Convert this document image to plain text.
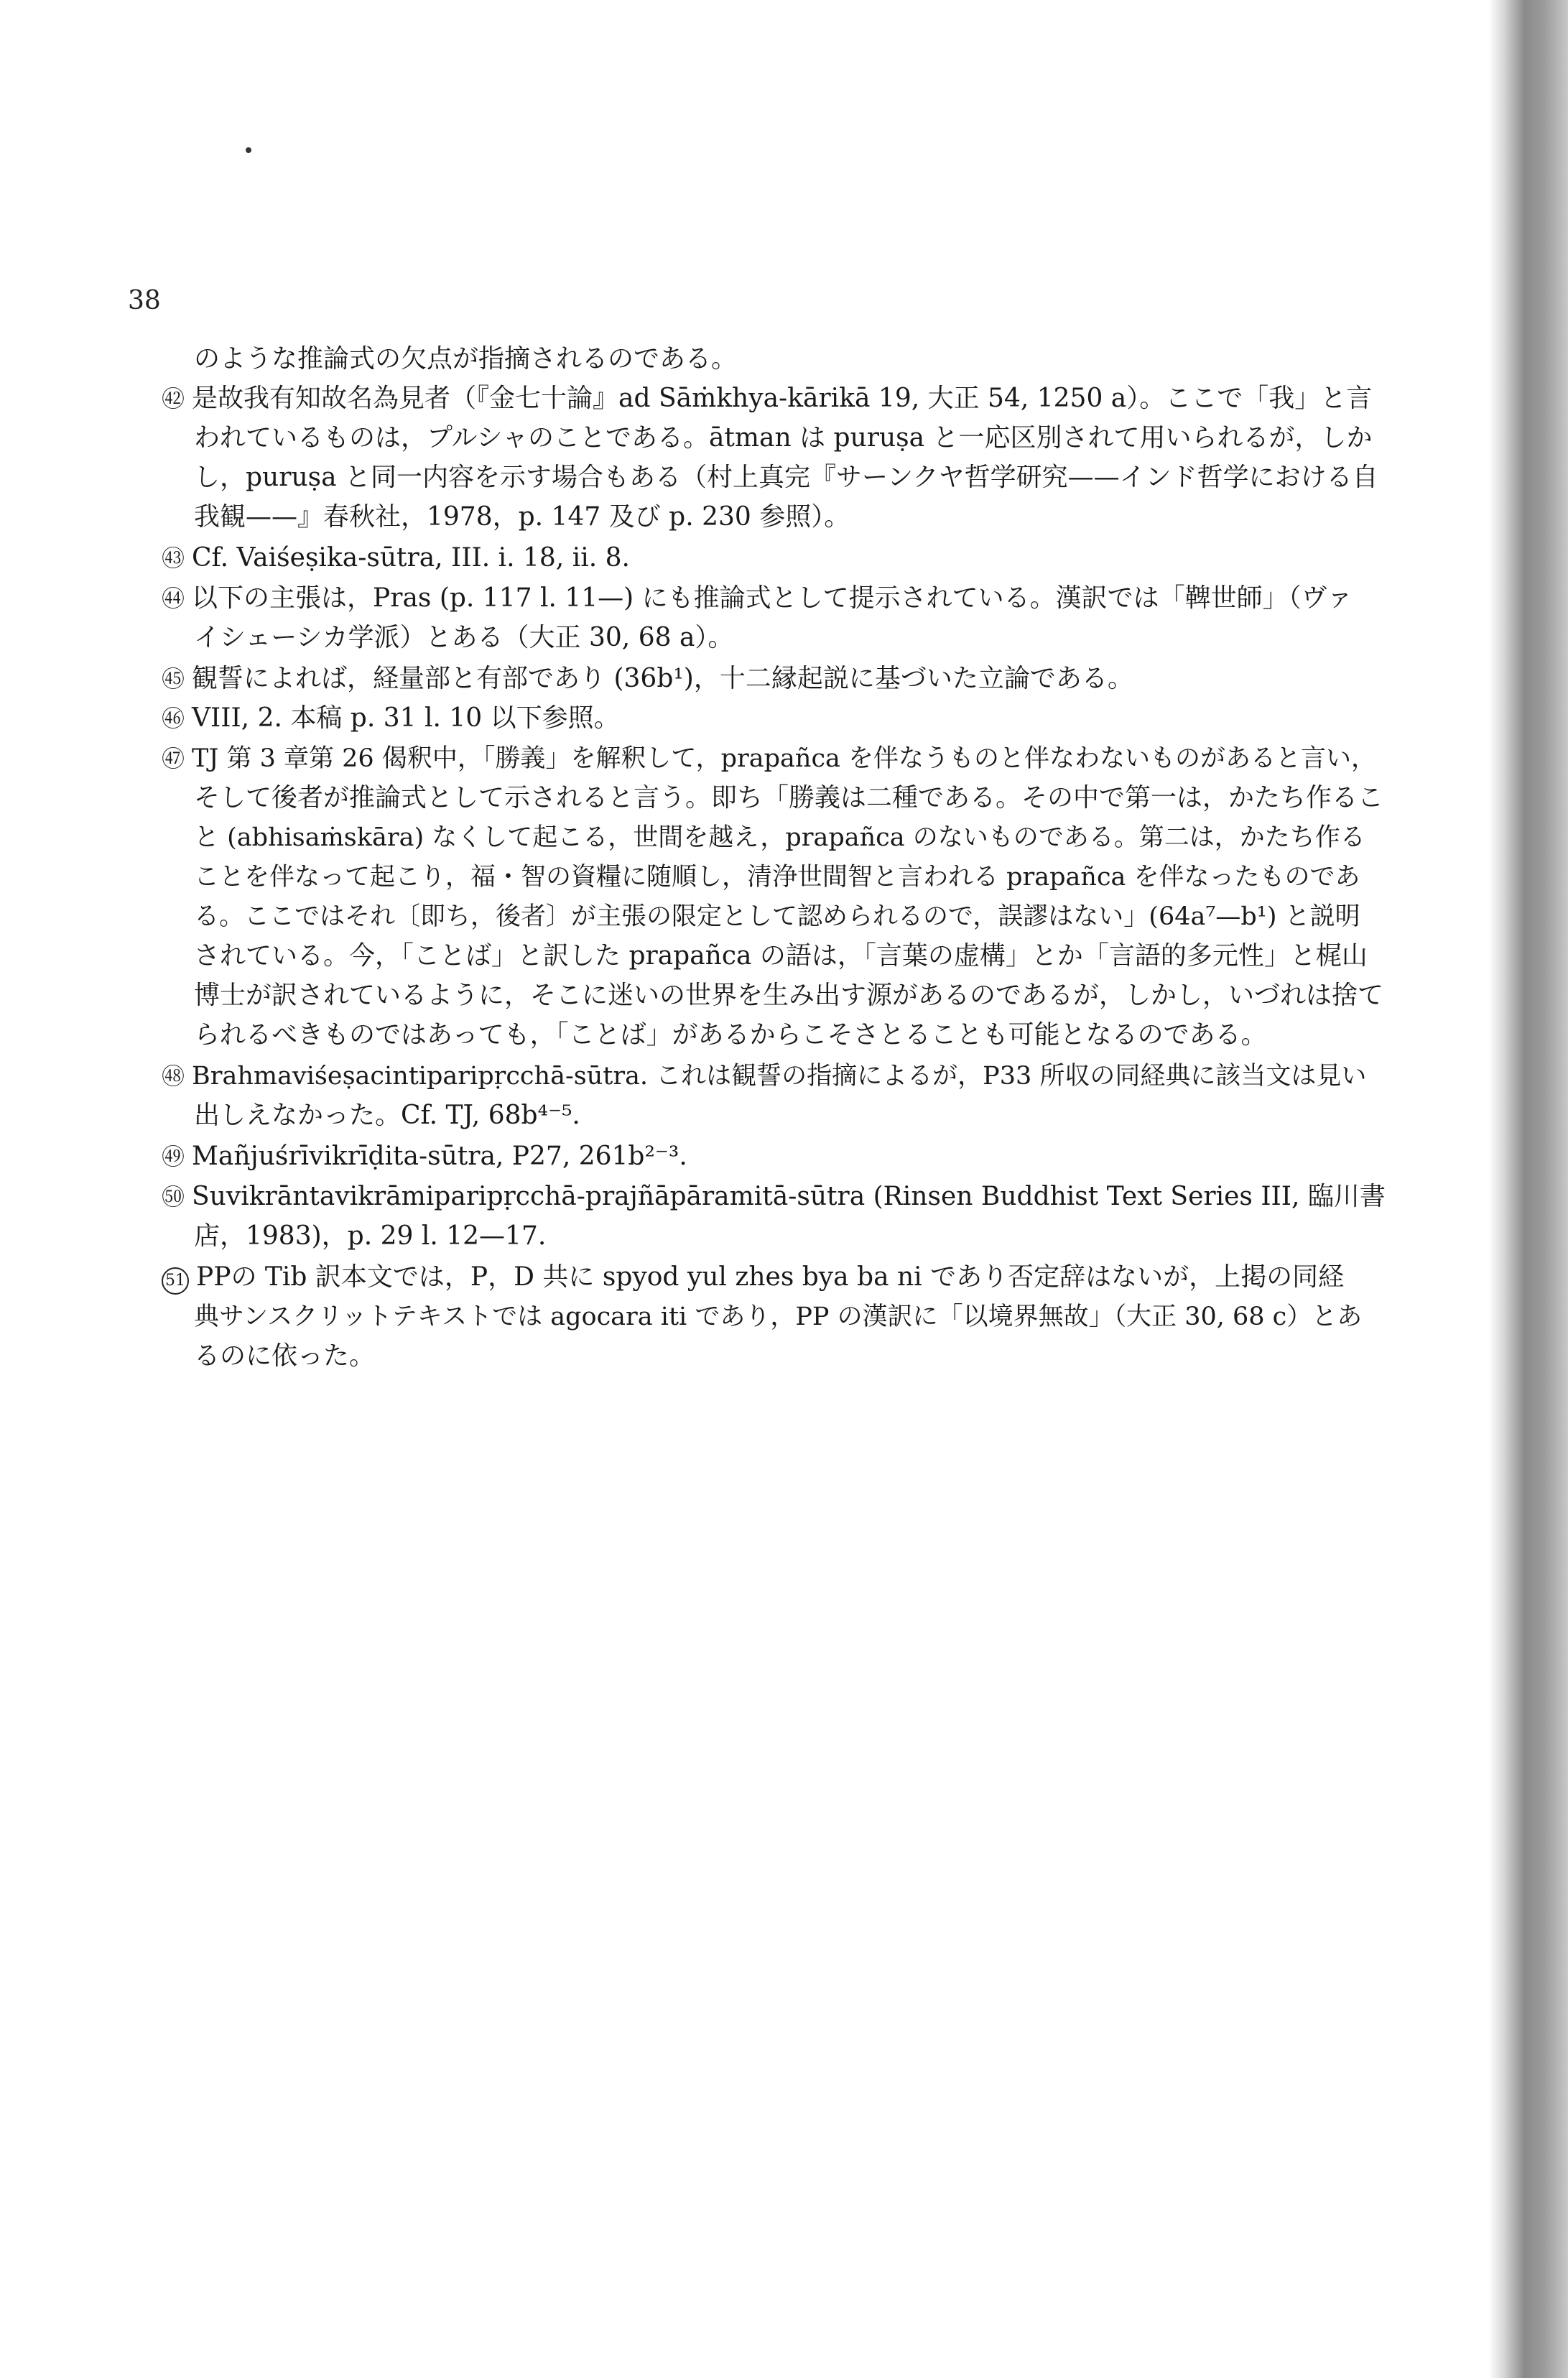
38
のような推論式の欠点が指摘されるのである。
㊷ 是故我有知故名為見者（『金七十論』ad Sāṁkhya-kārikā 19, 大正 54, 1250 a）。ここで「我」と言
われているものは，プルシャのことである。ātman は puruṣa と一応区別されて用いられるが，しか
し，puruṣa と同一内容を示す場合もある（村上真完『サーンクヤ哲学研究——インド哲学における自
我観——』春秋社，1978，p. 147 及び p. 230 参照）。
㊸ Cf. Vaiśeṣika-sūtra, III. i. 18, ii. 8.
㊹ 以下の主張は，Pras (p. 117 l. 11—) にも推論式として提示されている。漢訳では「鞞世師」（ヴァ
イシェーシカ学派）とある（大正 30, 68 a）。
㊺ 観誓によれば，経量部と有部であり (36b¹)，十二縁起説に基づいた立論である。
㊻ VIII, 2. 本稿 p. 31 l. 10 以下参照。
㊼ TJ 第 3 章第 26 偈釈中，「勝義」を解釈して，prapañca を伴なうものと伴なわないものがあると言い，
そして後者が推論式として示されると言う。即ち「勝義は二種である。その中で第一は，かたち作るこ
と (abhisaṁskāra) なくして起こる，世間を越え，prapañca のないものである。第二は，かたち作る
ことを伴なって起こり，福・智の資糧に随順し，清浄世間智と言われる prapañca を伴なったものであ
る。ここではそれ〔即ち，後者〕が主張の限定として認められるので，誤謬はない」(64a⁷—b¹) と説明
されている。今，「ことば」と訳した prapañca の語は，「言葉の虚構」とか「言語的多元性」と梶山
博士が訳されているように，そこに迷いの世界を生み出す源があるのであるが，しかし，いづれは捨て
られるべきものではあっても，「ことば」があるからこそさとることも可能となるのである。
㊽ Brahmaviśeṣacintiparipṛcchā-sūtra. これは観誓の指摘によるが，P33 所収の同経典に該当文は見い
出しえなかった。Cf. TJ, 68b⁴⁻⁵.
㊾ Mañjuśrīvikrīḍita-sūtra, P27, 261b²⁻³.
㊿ Suvikrāntavikrāmiparipṛcchā-prajñāpāramitā-sūtra (Rinsen Buddhist Text Series III, 臨川書
店，1983)，p. 29 l. 12—17.
51 PPの Tib 訳本文では，P，D 共に spyod yul zhes bya ba ni であり否定辞はないが，上掲の同経
典サンスクリットテキストでは agocara iti であり，PP の漢訳に「以境界無故」（大正 30, 68 c）とあ
るのに依った。
